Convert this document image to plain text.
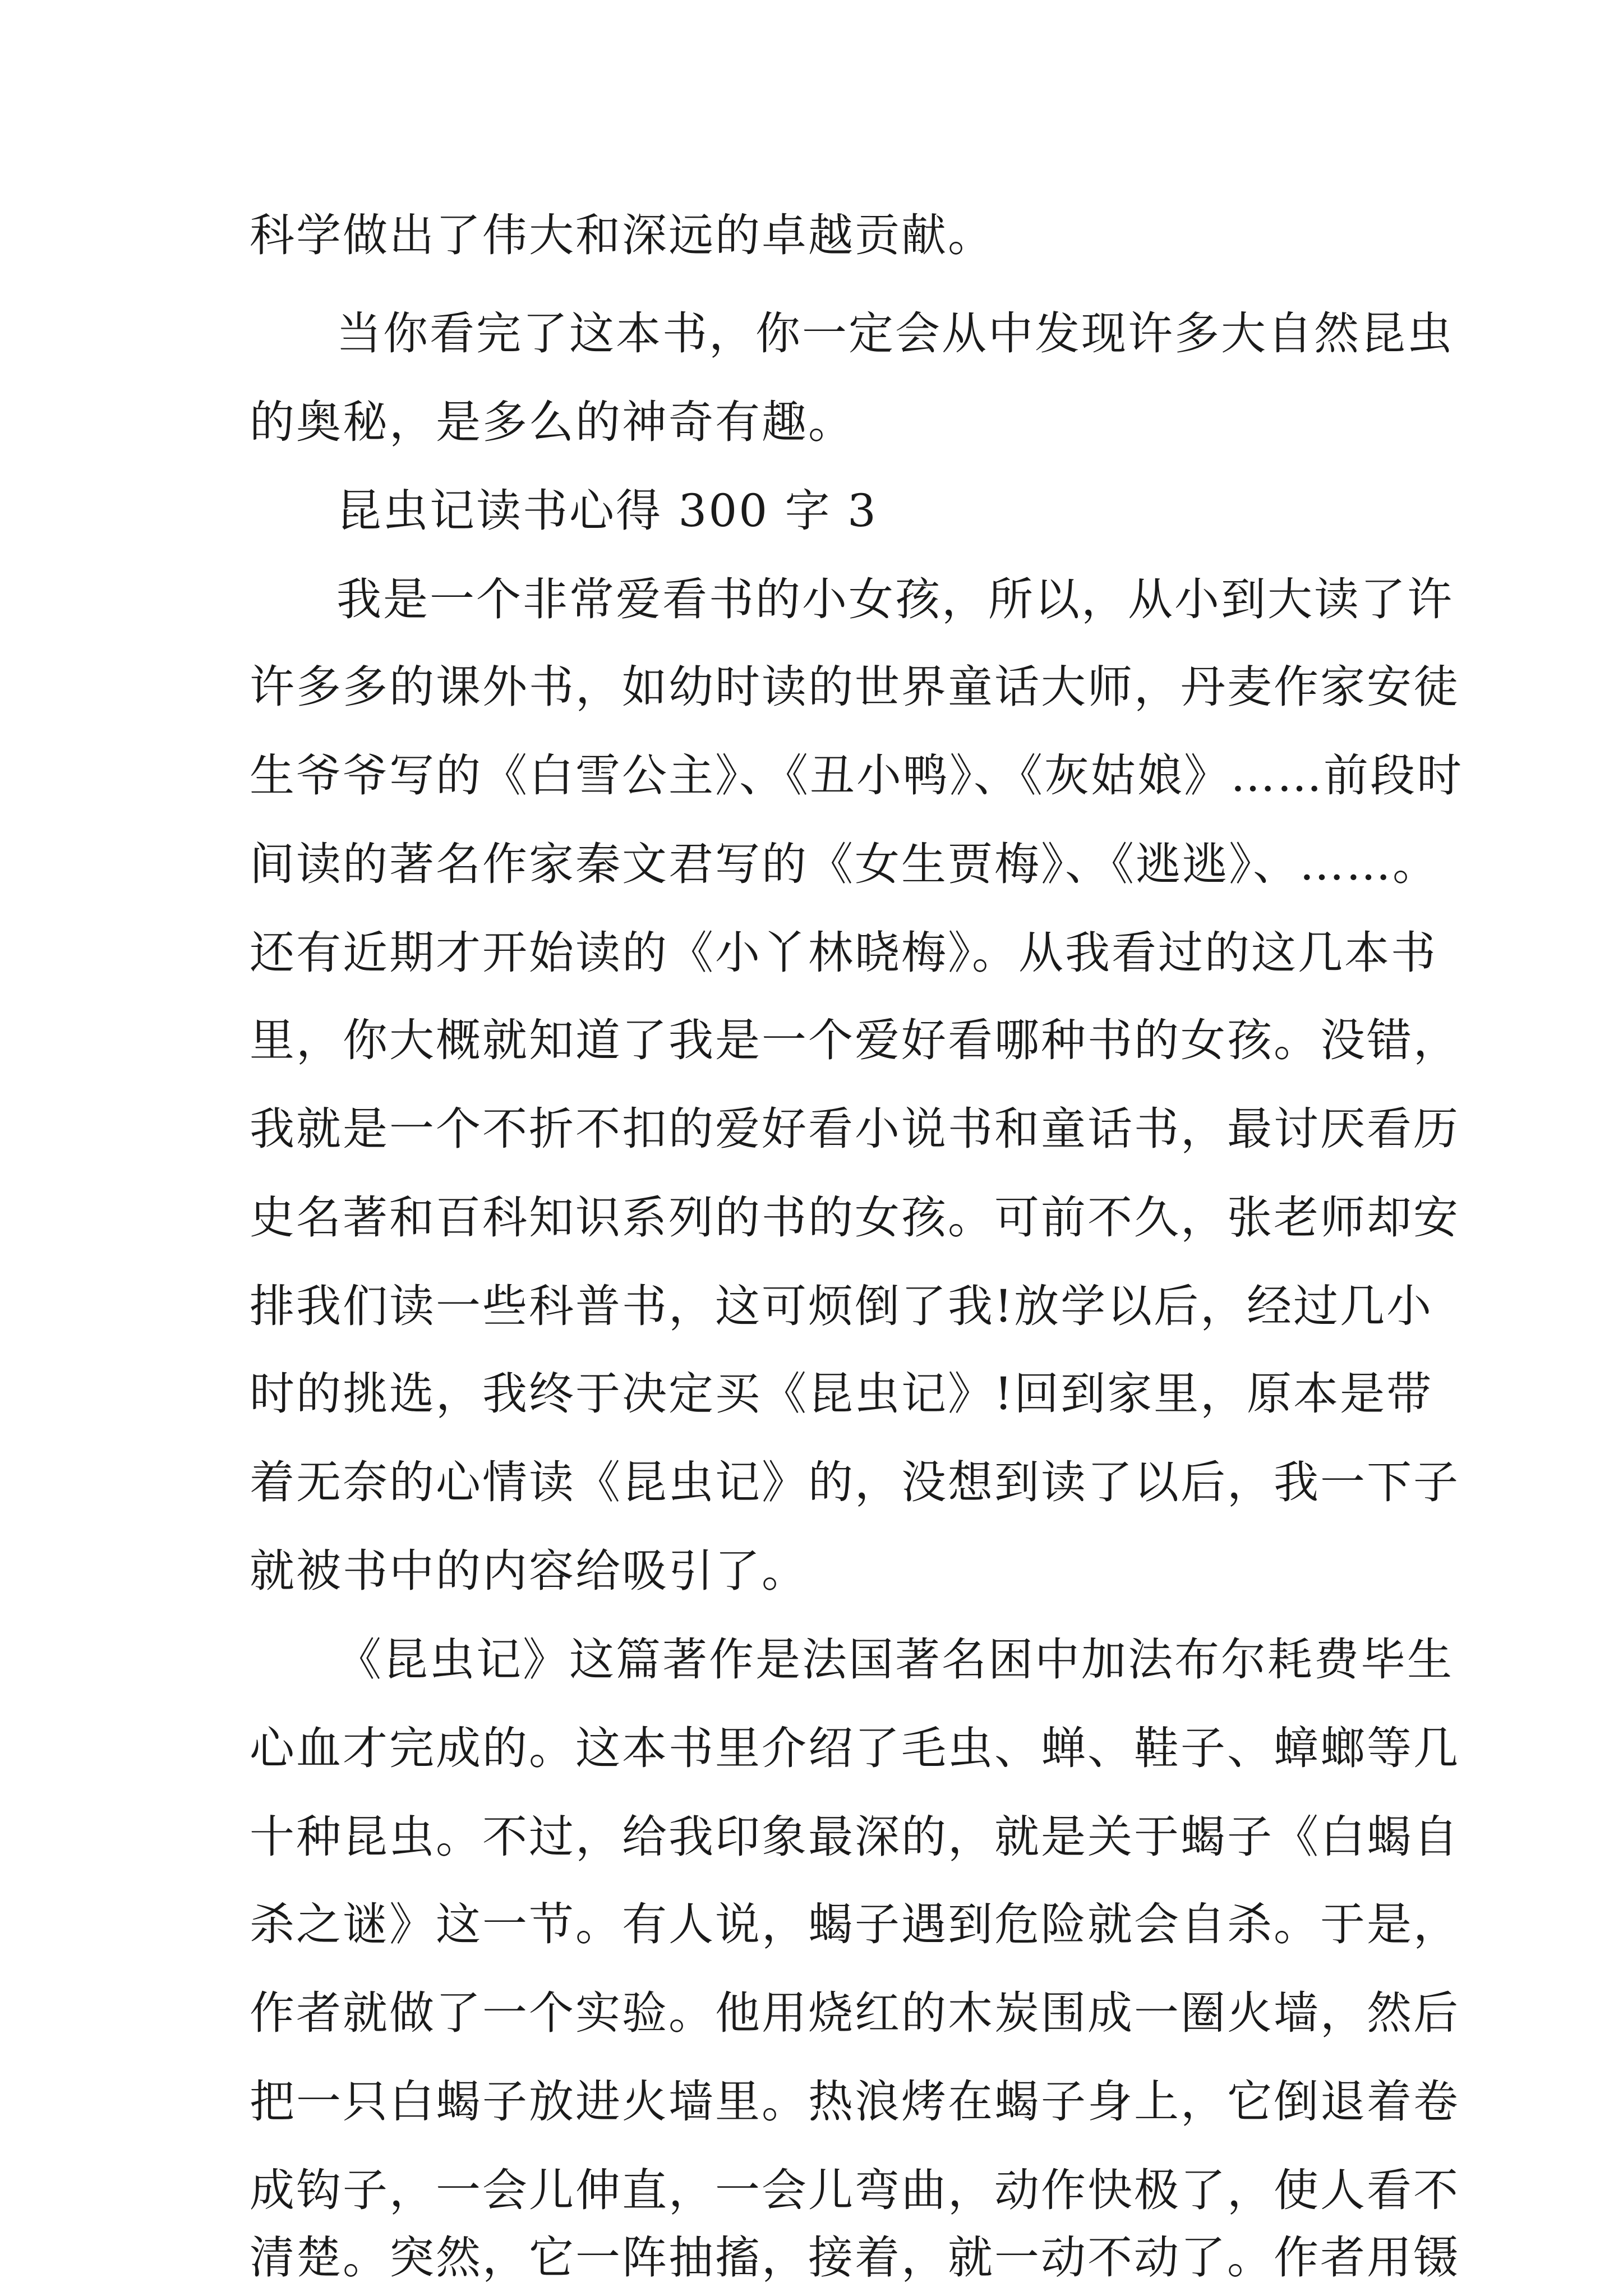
科学做出了伟大和深远的卓越贡献。
当你看完了这本书，你一定会从中发现许多大自然昆虫
的奥秘，是多么的神奇有趣。
昆虫记读书心得 300 字 3
我是一个非常爱看书的小女孩，所以，从小到大读了许
许多多的课外书，如幼时读的世界童话大师，丹麦作家安徒
生爷爷写的《白雪公主》、《丑小鸭》、《灰姑娘》……前段时
间读的著名作家秦文君写的《女生贾梅》、《逃逃》、……。
还有近期才开始读的《小丫林晓梅》。从我看过的这几本书
里，你大概就知道了我是一个爱好看哪种书的女孩。没错，
我就是一个不折不扣的爱好看小说书和童话书，最讨厌看历
史名著和百科知识系列的书的女孩。可前不久，张老师却安
排我们读一些科普书，这可烦倒了我!放学以后，经过几小
时的挑选，我终于决定买《昆虫记》!回到家里，原本是带
着无奈的心情读《昆虫记》的，没想到读了以后，我一下子
就被书中的内容给吸引了。
《昆虫记》这篇著作是法国著名困中加法布尔耗费毕生
心血才完成的。这本书里介绍了毛虫、蝉、鞋子、蟑螂等几
十种昆虫。不过，给我印象最深的，就是关于蝎子《白蝎自
杀之谜》这一节。有人说，蝎子遇到危险就会自杀。于是，
作者就做了一个实验。他用烧红的木炭围成一圈火墙，然后
把一只白蝎子放进火墙里。热浪烤在蝎子身上，它倒退着卷
成钩子，一会儿伸直，一会儿弯曲，动作快极了，使人看不
清楚。突然，它一阵抽搐，接着，就一动不动了。作者用镊
